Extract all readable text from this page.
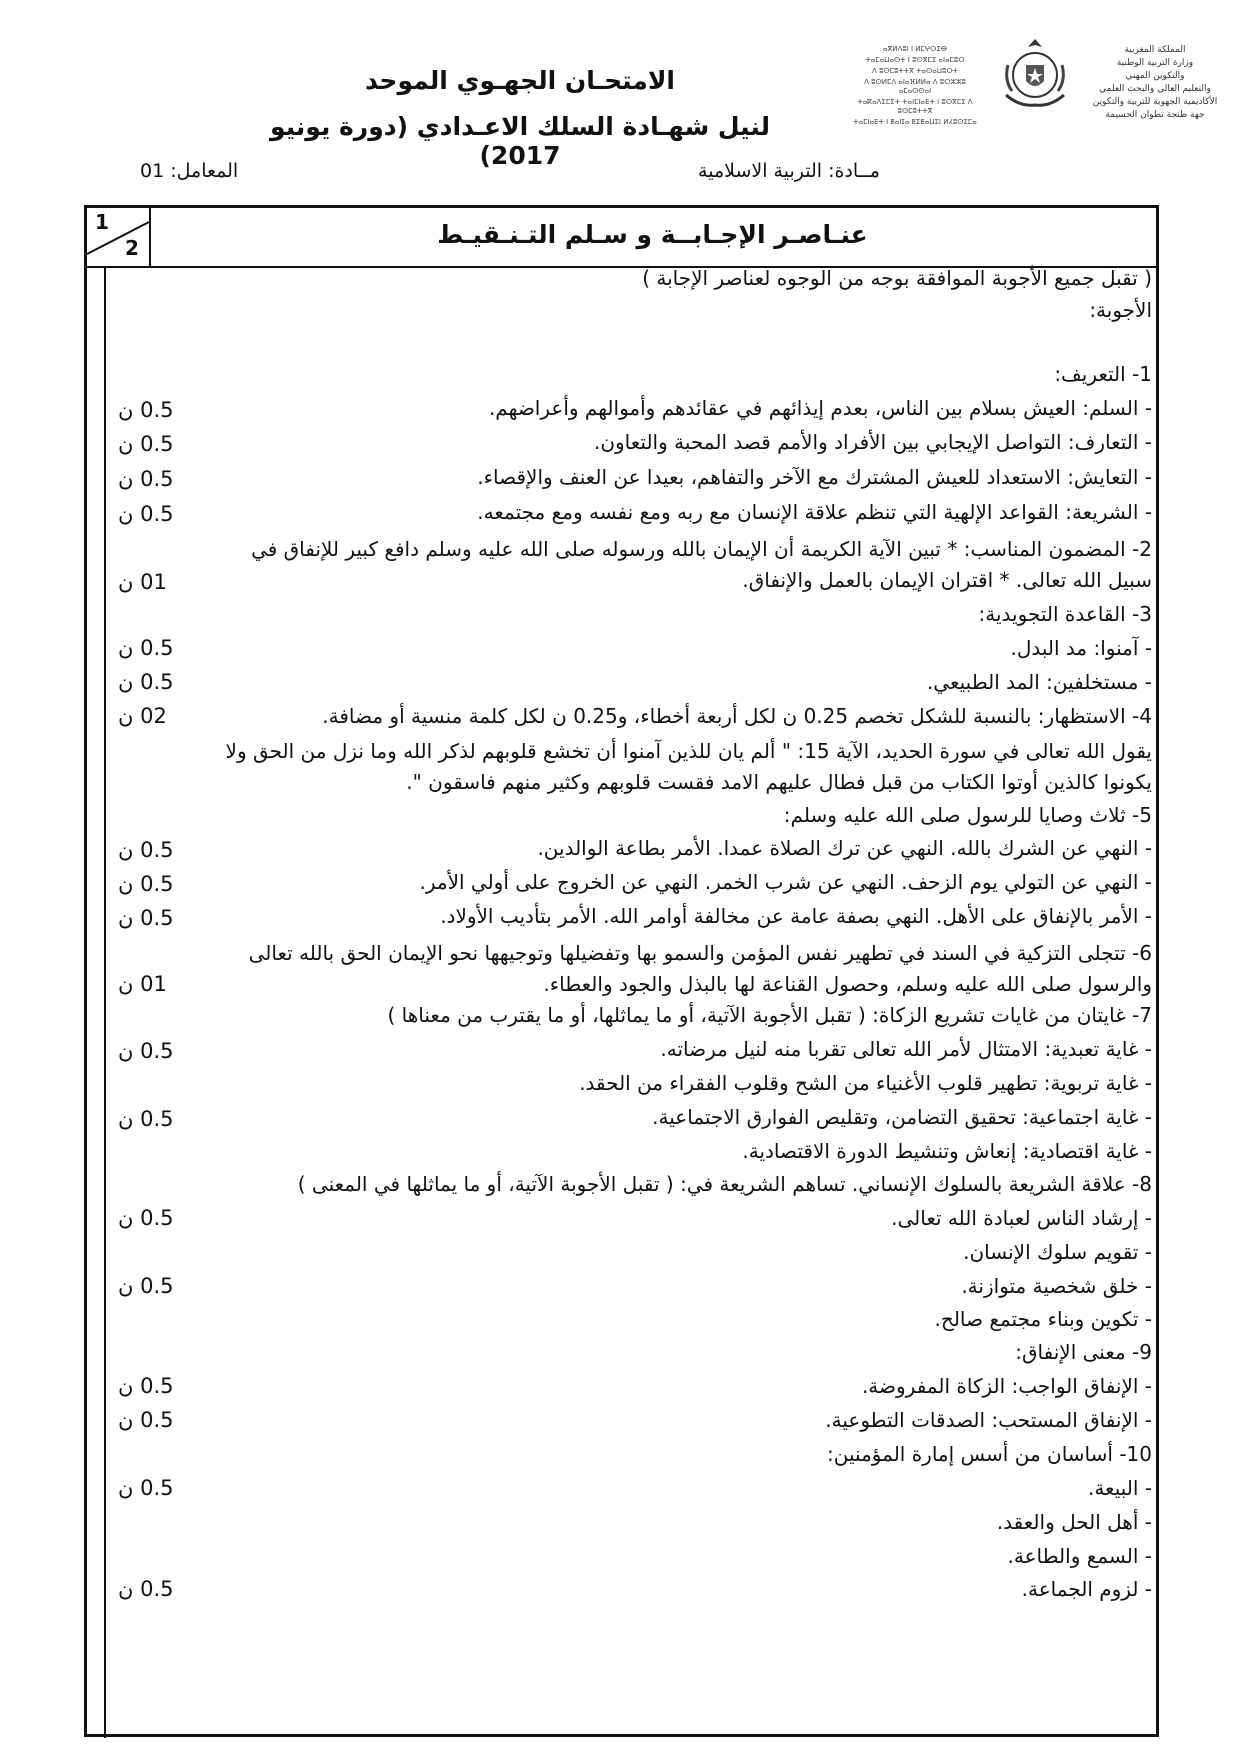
ⴰⴳⵍⴷⵓⵏ ⵏ ⵍⵎⵖⵔⵉⴱ
ⵜⴰⵎⴰⵡⴰⵙⵜ ⵏ ⵓⵙⴳⵎⵉ ⴰⵏⴰⵎⵓⵔ
ⴷ ⵓⵙⵎⵓⵜⵜⴳ ⵜⴰⵙⴰⵡⵓⵔⵜ
ⴷ ⵓⵙⵍⵎⴷ ⴰⵏⴰⴼⵍⵍⴰ ⴷ ⵓⵔⵣⵣⵓ ⴰⵎⴰⵙⵙⴰⵏ
ⵜⴰⴽⴰⴷⵉⵎⵉⵜ ⵜⴰⵏⵎⵏⴰⴹⵜ ⵏ ⵓⵙⴳⵎⵉ ⴷ ⵓⵙⵎⵓⵜⵜⴳ
ⵜⴰⵎⵏⴰⴹⵜ ⵏ ⵟⴰⵏⵊⴰ ⵟⵉⵟⴰⵡⵉⵏ ⵍⵃⵓⵙⵉⵎⴰ
المملكة المغربية
وزارة التربية الوطنية
والتكوين المهني
والتعليم العالي والبحث العلمي
الأكاديمية الجهوية للتربية والتكوين
جهة طنجة تطوان الحسيمة
الامتحـان الجهـوي الموحد
لنيل شهـادة السلك الاعـدادي (دورة يونيو 2017)
مــادة: التربية الاسلامية
المعامل: 01
1
2	عنـاصـر الإجـابــة و سـلم التـنـقيـط
( تقبل جميع الأجوبة الموافقة بوجه من الوجوه لعناصر الإجابة )
الأجوبة:
1- التعريف:
- السلم: العيش بسلام بين الناس، بعدم إيذائهم في عقائدهم وأموالهم وأعراضهم.
0.5 ن
- التعارف: التواصل الإيجابي بين الأفراد والأمم قصد المحبة والتعاون.
0.5 ن
- التعايش: الاستعداد للعيش المشترك مع الآخر والتفاهم، بعيدا عن العنف والإقصاء.
0.5 ن
- الشريعة: القواعد الإلهية التي تنظم علاقة الإنسان مع ربه ومع نفسه ومع مجتمعه.
0.5 ن
2- المضمون المناسب: * تبين الآية الكريمة أن الإيمان بالله ورسوله صلى الله عليه وسلم دافع كبير للإنفاق في
سبيل الله تعالى. * اقتران الإيمان بالعمل والإنفاق.
01 ن
3- القاعدة التجويدية:
- آمنوا: مد البدل.
0.5 ن
- مستخلفين: المد الطبيعي.
0.5 ن
4- الاستظهار: بالنسبة للشكل تخصم 0.25 ن لكل أربعة أخطاء، و0.25 ن لكل كلمة منسية أو مضافة.
02 ن
يقول الله تعالى في سورة الحديد، الآية 15: " ألم يان للذين آمنوا أن تخشع قلوبهم لذكر الله وما نزل من الحق ولا
يكونوا كالذين أوتوا الكتاب من قبل فطال عليهم الامد فقست قلوبهم وكثير منهم فاسقون ".
5- ثلاث وصايا للرسول صلى الله عليه وسلم:
- النهي عن الشرك بالله. النهي عن ترك الصلاة عمدا. الأمر بطاعة الوالدين.
0.5 ن
- النهي عن التولي يوم الزحف. النهي عن شرب الخمر. النهي عن الخروج على أولي الأمر.
0.5 ن
- الأمر بالإنفاق على الأهل. النهي بصفة عامة عن مخالفة أوامر الله. الأمر بتأديب الأولاد.
0.5 ن
6- تتجلى التزكية في السند في تطهير نفس المؤمن والسمو بها وتفضيلها وتوجيهها نحو الإيمان الحق بالله تعالى
والرسول صلى الله عليه وسلم، وحصول القناعة لها بالبذل والجود والعطاء.
01 ن
7- غايتان من غايات تشريع الزكاة: ( تقبل الأجوبة الآتية، أو ما يماثلها، أو ما يقترب من معناها )
- غاية تعبدية: الامتثال لأمر الله تعالى تقربا منه لنيل مرضاته.
0.5 ن
- غاية تربوية: تطهير قلوب الأغنياء من الشح وقلوب الفقراء من الحقد.
- غاية اجتماعية: تحقيق التضامن، وتقليص الفوارق الاجتماعية.
0.5 ن
- غاية اقتصادية: إنعاش وتنشيط الدورة الاقتصادية.
8- علاقة الشريعة بالسلوك الإنساني. تساهم الشريعة في: ( تقبل الأجوبة الآتية، أو ما يماثلها في المعنى )
- إرشاد الناس لعبادة الله تعالى.
0.5 ن
- تقويم سلوك الإنسان.
- خلق شخصية متوازنة.
0.5 ن
- تكوين وبناء مجتمع صالح.
9- معنى الإنفاق:
- الإنفاق الواجب: الزكاة المفروضة.
0.5 ن
- الإنفاق المستحب: الصدقات التطوعية.
0.5 ن
10- أساسان من أسس إمارة المؤمنين:
- البيعة.
0.5 ن
- أهل الحل والعقد.
- السمع والطاعة.
- لزوم الجماعة.
0.5 ن
